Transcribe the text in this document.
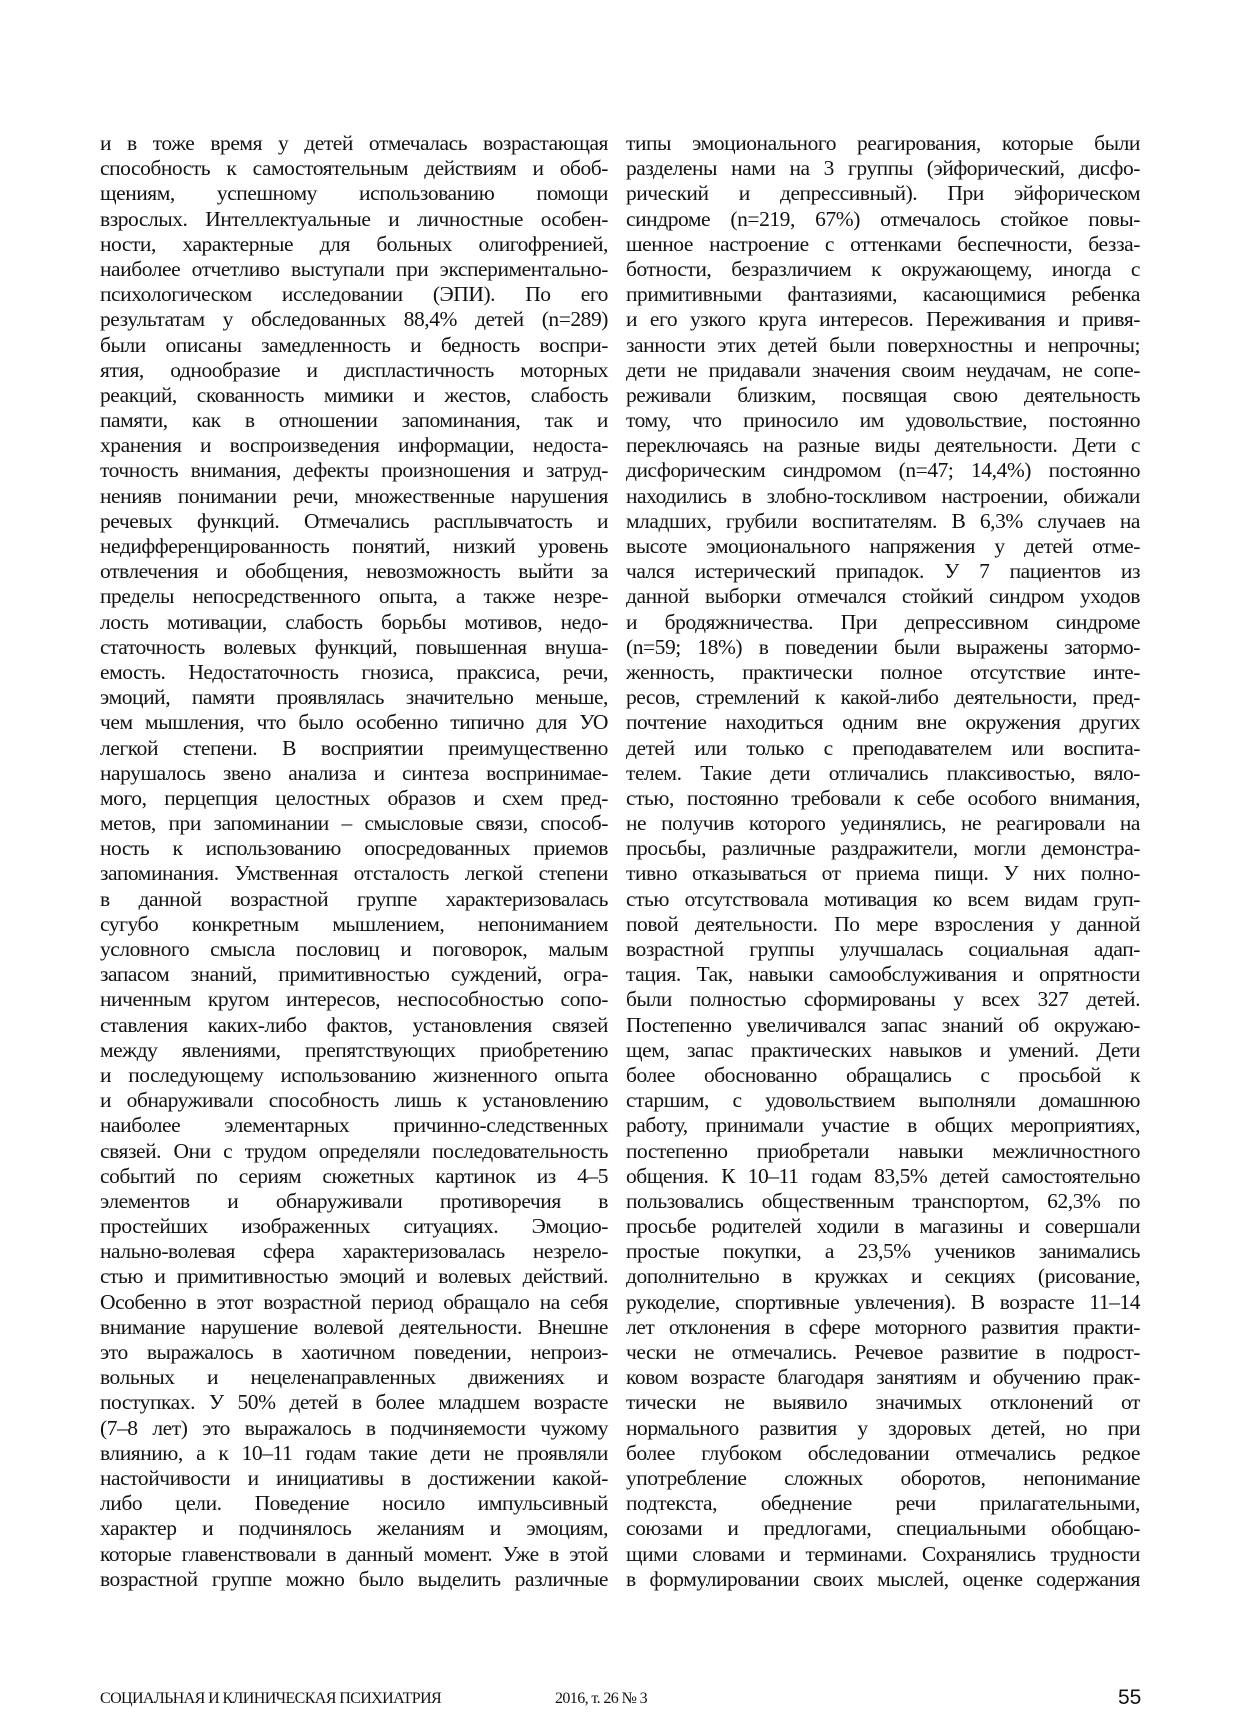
и в тоже время у детей отмечалась возрастающая
способность к самостоятельным действиям и обоб-
щениям, успешному использованию помощи
взрослых. Интеллектуальные и личностные особен-
ности, характерные для больных олигофренией,
наиболее отчетливо выступали при экспериментально-
психологическом исследовании (ЭПИ). По его
результатам у обследованных 88,4% детей (n=289)
были описаны замедленность и бедность воспри-
ятия, однообразие и диспластичность моторных
реакций, скованность мимики и жестов, слабость
памяти, как в отношении запоминания, так и
хранения и воспроизведения информации, недоста-
точность внимания, дефекты произношения и затруд-
ненияв понимании речи, множественные нарушения
речевых функций. Отмечались расплывчатость и
недифференцированность понятий, низкий уровень
отвлечения и обобщения, невозможность выйти за
пределы непосредственного опыта, а также незре-
лость мотивации, слабость борьбы мотивов, недо-
статочность волевых функций, повышенная внуша-
емость. Недостаточность гнозиса, праксиса, речи,
эмоций, памяти проявлялась значительно меньше,
чем мышления, что было особенно типично для УО
легкой степени. В восприятии преимущественно
нарушалось звено анализа и синтеза воспринимае-
мого, перцепция целостных образов и схем пред-
метов, при запоминании – смысловые связи, способ-
ность к использованию опосредованных приемов
запоминания. Умственная отсталость легкой степени
в данной возрастной группе характеризовалась
сугубо конкретным мышлением, непониманием
условного смысла пословиц и поговорок, малым
запасом знаний, примитивностью суждений, огра-
ниченным кругом интересов, неспособностью сопо-
ставления каких-либо фактов, установления связей
между явлениями, препятствующих приобретению
и последующему использованию жизненного опыта
и обнаруживали способность лишь к установлению
наиболее элементарных причинно-следственных
связей. Они с трудом определяли последовательность
событий по сериям сюжетных картинок из 4–5
элементов и обнаруживали противоречия в
простейших изображенных ситуациях. Эмоцио-
нально-волевая сфера характеризовалась незрело-
стью и примитивностью эмоций и волевых действий.
Особенно в этот возрастной период обращало на себя
внимание нарушение волевой деятельности. Внешне
это выражалось в хаотичном поведении, непроиз-
вольных и нецеленаправленных движениях и
поступках. У 50% детей в более младшем возрасте
(7–8 лет) это выражалось в подчиняемости чужому
влиянию, а к 10–11 годам такие дети не проявляли
настойчивости и инициативы в достижении какой-
либо цели. Поведение носило импульсивный
характер и подчинялось желаниям и эмоциям,
которые главенствовали в данный момент. Уже в этой
возрастной группе можно было выделить различные
типы эмоционального реагирования, которые были
разделены нами на 3 группы (эйфорический, дисфо-
рический и депрессивный). При эйфорическом
синдроме (n=219, 67%) отмечалось стойкое повы-
шенное настроение с оттенками беспечности, безза-
ботности, безразличием к окружающему, иногда с
примитивными фантазиями, касающимися ребенка
и его узкого круга интересов. Переживания и привя-
занности этих детей были поверхностны и непрочны;
дети не придавали значения своим неудачам, не сопе-
реживали близким, посвящая свою деятельность
тому, что приносило им удовольствие, постоянно
переключаясь на разные виды деятельности. Дети с
дисфорическим синдромом (n=47; 14,4%) постоянно
находились в злобно-тоскливом настроении, обижали
младших, грубили воспитателям. В 6,3% случаев на
высоте эмоционального напряжения у детей отме-
чался истерический припадок. У 7 пациентов из
данной выборки отмечался стойкий синдром уходов
и бродяжничества. При депрессивном синдроме
(n=59; 18%) в поведении были выражены затормо-
женность, практически полное отсутствие инте-
ресов, стремлений к какой-либо деятельности, пред-
почтение находиться одним вне окружения других
детей или только с преподавателем или воспита-
телем. Такие дети отличались плаксивостью, вяло-
стью, постоянно требовали к себе особого внимания,
не получив которого уединялись, не реагировали на
просьбы, различные раздражители, могли демонстра-
тивно отказываться от приема пищи. У них полно-
стью отсутствовала мотивация ко всем видам груп-
повой деятельности. По мере взросления у данной
возрастной группы улучшалась социальная адап-
тация. Так, навыки самообслуживания и опрятности
были полностью сформированы у всех 327 детей.
Постепенно увеличивался запас знаний об окружаю-
щем, запас практических навыков и умений. Дети
более обоснованно обращались с просьбой к
старшим, с удовольствием выполняли домашнюю
работу, принимали участие в общих мероприятиях,
постепенно приобретали навыки межличностного
общения. К 10–11 годам 83,5% детей самостоятельно
пользовались общественным транспортом, 62,3% по
просьбе родителей ходили в магазины и совершали
простые покупки, а 23,5% учеников занимались
дополнительно в кружках и секциях (рисование,
рукоделие, спортивные увлечения). В возрасте 11–14
лет отклонения в сфере моторного развития практи-
чески не отмечались. Речевое развитие в подрост-
ковом возрасте благодаря занятиям и обучению прак-
тически не выявило значимых отклонений от
нормального развития у здоровых детей, но при
более глубоком обследовании отмечались редкое
употребление сложных оборотов, непонимание
подтекста, обеднение речи прилагательными,
союзами и предлогами, специальными обобщаю-
щими словами и терминами. Сохранялись трудности
в формулировании своих мыслей, оценке содержания
СОЦИАЛЬНАЯ И КЛИНИЧЕСКАЯ ПСИХИАТРИЯ	2016, т. 26 № 3	55
